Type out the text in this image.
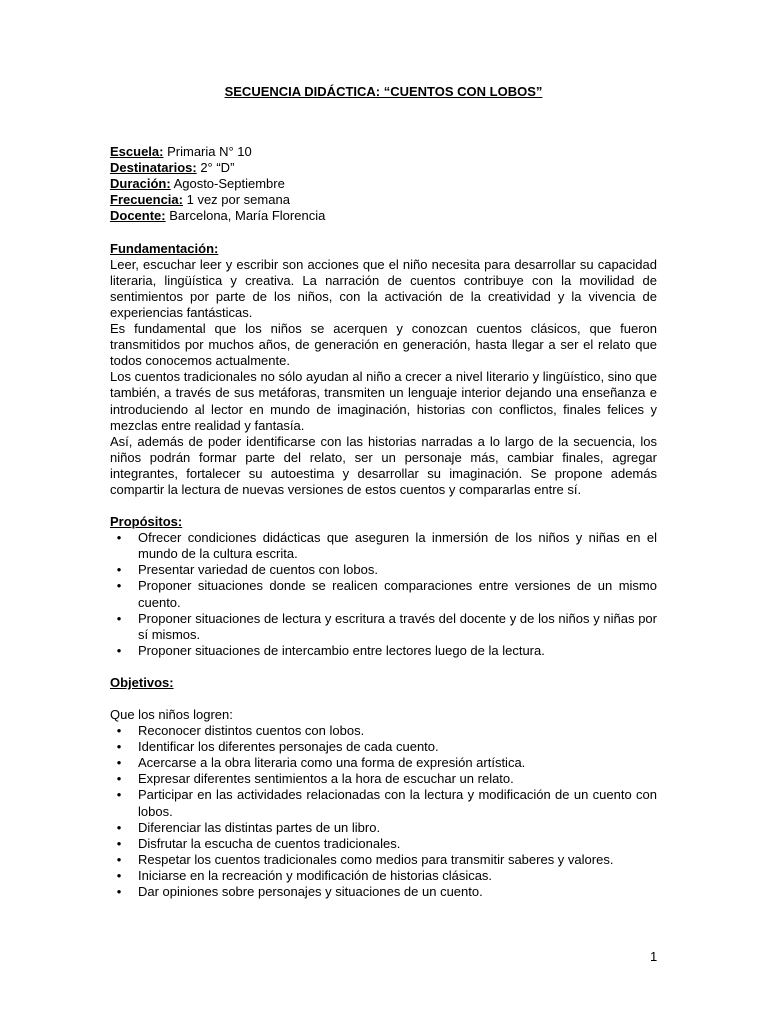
SECUENCIA DIDÁCTICA: “CUENTOS CON LOBOS”

Escuela: Primaria N° 10

Destinatarios: 2° “D”

Duración: Agosto-Septiembre

Frecuencia: 1 vez por semana

Docente: Barcelona, María Florencia

Fundamentación:

Leer, escuchar leer y escribir son acciones que el niño necesita para desarrollar su capacidad literaria, lingüística y creativa. La narración de cuentos contribuye con la movilidad de sentimientos por parte de los niños, con la activación de la creatividad y la vivencia de experiencias fantásticas.

Es fundamental que los niños se acerquen y conozcan cuentos clásicos, que fueron transmitidos por muchos años, de generación en generación, hasta llegar a ser el relato que todos conocemos actualmente.

Los cuentos tradicionales no sólo ayudan al niño a crecer a nivel literario y lingüístico, sino que también, a través de sus metáforas, transmiten un lenguaje interior dejando una enseñanza e introduciendo al lector en mundo de imaginación, historias con conflictos, finales felices y mezclas entre realidad y fantasía.

Así, además de poder identificarse con las historias narradas a lo largo de la secuencia, los niños podrán formar parte del relato, ser un personaje más, cambiar finales, agregar integrantes, fortalecer su autoestima y desarrollar su imaginación. Se propone además compartir la lectura de nuevas versiones de estos cuentos y compararlas entre sí.

Propósitos:

• Ofrecer condiciones didácticas que aseguren la inmersión de los niños y niñas en el mundo de la cultura escrita.
• Presentar variedad de cuentos con lobos.
• Proponer situaciones donde se realicen comparaciones entre versiones de un mismo cuento.
• Proponer situaciones de lectura y escritura a través del docente y de los niños y niñas por sí mismos.
• Proponer situaciones de intercambio entre lectores luego de la lectura.

Objetivos:

Que los niños logren:

• Reconocer distintos cuentos con lobos.
• Identificar los diferentes personajes de cada cuento.
• Acercarse a la obra literaria como una forma de expresión artística.
• Expresar diferentes sentimientos a la hora de escuchar un relato.
• Participar en las actividades relacionadas con la lectura y modificación de un cuento con lobos.
• Diferenciar las distintas partes de un libro.
• Disfrutar la escucha de cuentos tradicionales.
• Respetar los cuentos tradicionales como medios para transmitir saberes y valores.
• Iniciarse en la recreación y modificación de historias clásicas.
• Dar opiniones sobre personajes y situaciones de un cuento.
1
